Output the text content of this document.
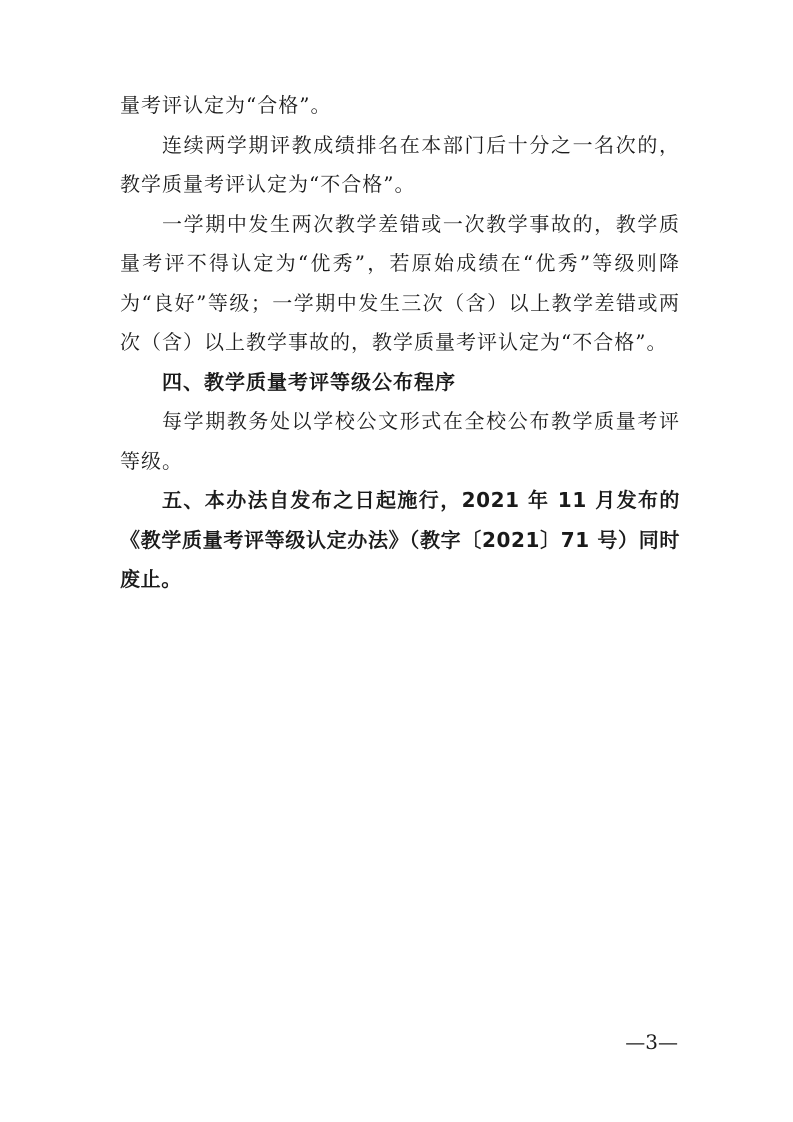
量考评认定为“合格”。

连续两学期评教成绩排名在本部门后十分之一名次的，教学质量考评认定为“不合格”。

一学期中发生两次教学差错或一次教学事故的，教学质量考评不得认定为“优秀”，若原始成绩在“优秀”等级则降为“良好”等级；一学期中发生三次（含）以上教学差错或两次（含）以上教学事故的，教学质量考评认定为“不合格”。

四、教学质量考评等级公布程序

每学期教务处以学校公文形式在全校公布教学质量考评等级。

五、本办法自发布之日起施行，2021 年 11 月发布的《教学质量考评等级认定办法》（教字〔2021〕71 号）同时废止。

—3—
